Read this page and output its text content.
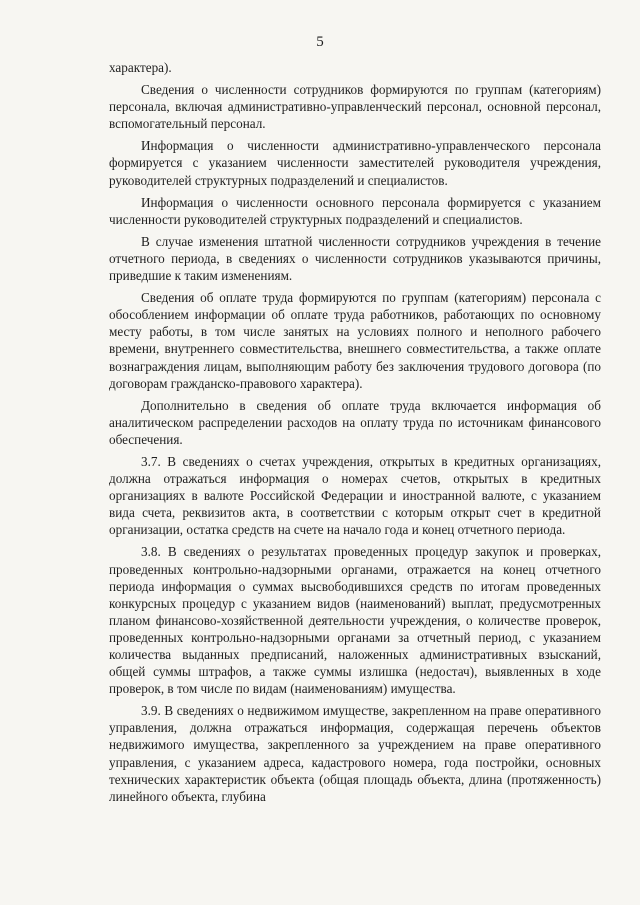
5

характера).

Сведения о численности сотрудников формируются по группам (категориям) персонала, включая административно-управленческий персонал, основной персонал, вспомогательный персонал.

Информация о численности административно-управленческого персонала формируется с указанием численности заместителей руководителя учреждения, руководителей структурных подразделений и специалистов.

Информация о численности основного персонала формируется с указанием численности руководителей структурных подразделений и специалистов.

В случае изменения штатной численности сотрудников учреждения в течение отчетного периода, в сведениях о численности сотрудников указываются причины, приведшие к таким изменениям.

Сведения об оплате труда формируются по группам (категориям) персонала с обособлением информации об оплате труда работников, работающих по основному месту работы, в том числе занятых на условиях полного и неполного рабочего времени, внутреннего совместительства, внешнего совместительства, а также оплате вознаграждения лицам, выполняющим работу без заключения трудового договора (по договорам гражданско-правового характера).

Дополнительно в сведения об оплате труда включается информация об аналитическом распределении расходов на оплату труда по источникам финансового обеспечения.

3.7. В сведениях о счетах учреждения, открытых в кредитных организациях, должна отражаться информация о номерах счетов, открытых в кредитных организациях в валюте Российской Федерации и иностранной валюте, с указанием вида счета, реквизитов акта, в соответствии с которым открыт счет в кредитной организации, остатка средств на счете на начало года и конец отчетного периода.

3.8. В сведениях о результатах проведенных процедур закупок и проверках, проведенных контрольно-надзорными органами, отражается на конец отчетного периода информация о суммах высвободившихся средств по итогам проведенных конкурсных процедур с указанием видов (наименований) выплат, предусмотренных планом финансово-хозяйственной деятельности учреждения, о количестве проверок, проведенных контрольно-надзорными органами за отчетный период, с указанием количества выданных предписаний, наложенных административных взысканий, общей суммы штрафов, а также суммы излишка (недостач), выявленных в ходе проверок, в том числе по видам (наименованиям) имущества.

3.9. В сведениях о недвижимом имуществе, закрепленном на праве оперативного управления, должна отражаться информация, содержащая перечень объектов недвижимого имущества, закрепленного за учреждением на праве оперативного управления, с указанием адреса, кадастрового номера, года постройки, основных технических характеристик объекта (общая площадь объекта, длина (протяженность) линейного объекта, глубина
